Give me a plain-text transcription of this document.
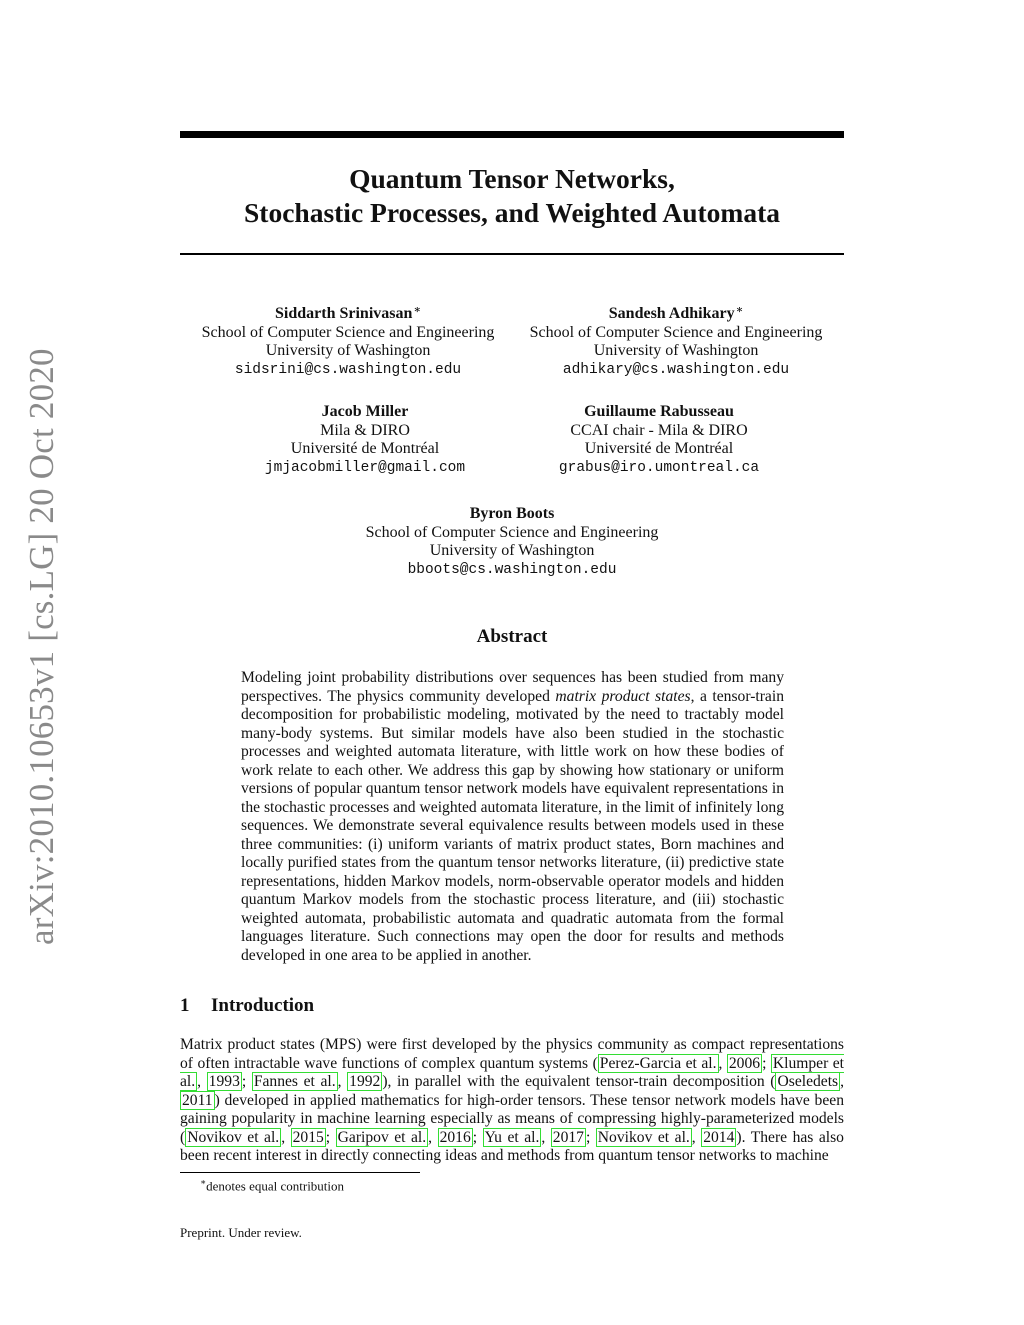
arXiv:2010.10653v1 [cs.LG] 20 Oct 2020
Quantum Tensor Networks,
Stochastic Processes, and Weighted Automata
Siddarth Srinivasan∗
School of Computer Science and Engineering
University of Washington
sidsrini@cs.washington.edu
Sandesh Adhikary∗
School of Computer Science and Engineering
University of Washington
adhikary@cs.washington.edu
Jacob Miller
Mila & DIRO
Université de Montréal
jmjacobmiller@gmail.com
Guillaume Rabusseau
CCAI chair - Mila & DIRO
Université de Montréal
grabus@iro.umontreal.ca
Byron Boots
School of Computer Science and Engineering
University of Washington
bboots@cs.washington.edu
Abstract
Modeling joint probability distributions over sequences has been studied from many perspectives. The physics community developed matrix product states, a tensor-train decomposition for probabilistic modeling, motivated by the need to tractably model many-body systems. But similar models have also been studied in the stochastic processes and weighted automata literature, with little work on how these bodies of work relate to each other. We address this gap by showing how stationary or uniform versions of popular quantum tensor network models have equivalent representations in the stochastic processes and weighted automata literature, in the limit of infinitely long sequences. We demonstrate several equivalence results between models used in these three communities: (i) uniform variants of matrix product states, Born machines and locally purified states from the quantum tensor networks literature, (ii) predictive state representations, hidden Markov models, norm-observable operator models and hidden quantum Markov models from the stochastic process literature, and (iii) stochastic weighted automata, probabilistic automata and quadratic automata from the formal languages literature. Such connections may open the door for results and methods developed in one area to be applied in another.
1 Introduction
Matrix product states (MPS) were first developed by the physics community as compact representations of often intractable wave functions of complex quantum systems ( Perez-Garcia et al. , 2006 ; Klumper et al. , 1993 ; Fannes et al. , 1992 ), in parallel with the equivalent tensor-train decomposition ( Oseledets , 2011 ) developed in applied mathematics for high-order tensors. These tensor network models have been gaining popularity in machine learning especially as means of compressing highly-parameterized models ( Novikov et al. , 2015 ; Garipov et al. , 2016 ; Yu et al. , 2017 ; Novikov et al. , 2014 ). There has also been recent interest in directly connecting ideas and methods from quantum tensor networks to machine
∗denotes equal contribution
Preprint. Under review.
